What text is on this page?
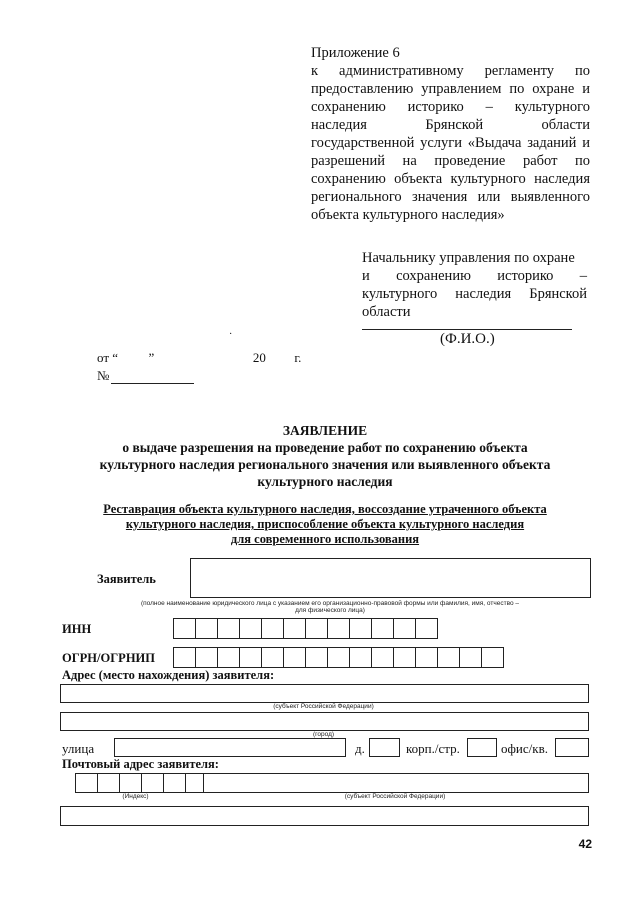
Приложение 6
к административному регламенту по
предоставлению управлением по охране и
сохранению историко – культурного
наследия Брянской области
государственной услуги «Выдача заданий и
разрешений на проведение работ по
сохранению объекта культурного наследия
регионального значения или выявленного
объекта культурного наследия»
Начальнику управления по охране
и сохранению историко –
культурного наследия Брянской
области
(Ф.И.О.)
·
от “ ”	20 г.
№
ЗАЯВЛЕНИЕ
о выдаче разрешения на проведение работ по сохранению объекта
культурного наследия регионального значения или выявленного объекта
культурного наследия
Реставрация объекта культурного наследия, воссоздание утраченного объекта
культурного наследия, приспособление объекта культурного наследия
для современного использования
Заявитель
(полное наименование юридического лица с указанием его организационно-правовой формы или фамилия, имя, отчество –
для физического лица)
ИНН
ОГРН/ОГРНИП
Адрес (место нахождения) заявителя:
(субъект Российской Федерации)
(город)
улица	д.	корп./стр.	офис/кв.
Почтовый адрес заявителя:
(Индекс)	(субъект Российской Федерации)
42
